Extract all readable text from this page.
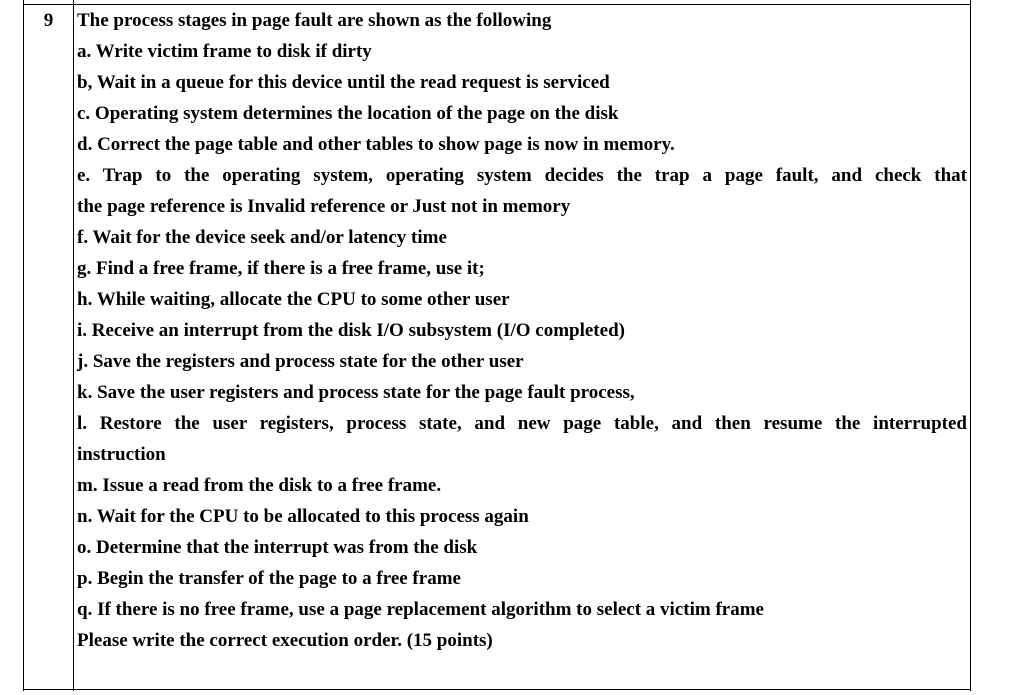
9	The process stages in page fault are shown as the following
a. Write victim frame to disk if dirty
b, Wait in a queue for this device until the read request is serviced
c. Operating system determines the location of the page on the disk
d. Correct the page table and other tables to show page is now in memory.
e. Trap to the operating system, operating system decides the trap a page fault, and check that
the page reference is Invalid reference or Just not in memory
f. Wait for the device seek and/or latency time
g. Find a free frame, if there is a free frame, use it;
h. While waiting, allocate the CPU to some other user
i. Receive an interrupt from the disk I/O subsystem (I/O completed)
j. Save the registers and process state for the other user
k. Save the user registers and process state for the page fault process,
l. Restore the user registers, process state, and new page table, and then resume the interrupted
instruction
m. Issue a read from the disk to a free frame.
n. Wait for the CPU to be allocated to this process again
o. Determine that the interrupt was from the disk
p. Begin the transfer of the page to a free frame
q. If there is no free frame, use a page replacement algorithm to select a victim frame
Please write the correct execution order. (15 points)
